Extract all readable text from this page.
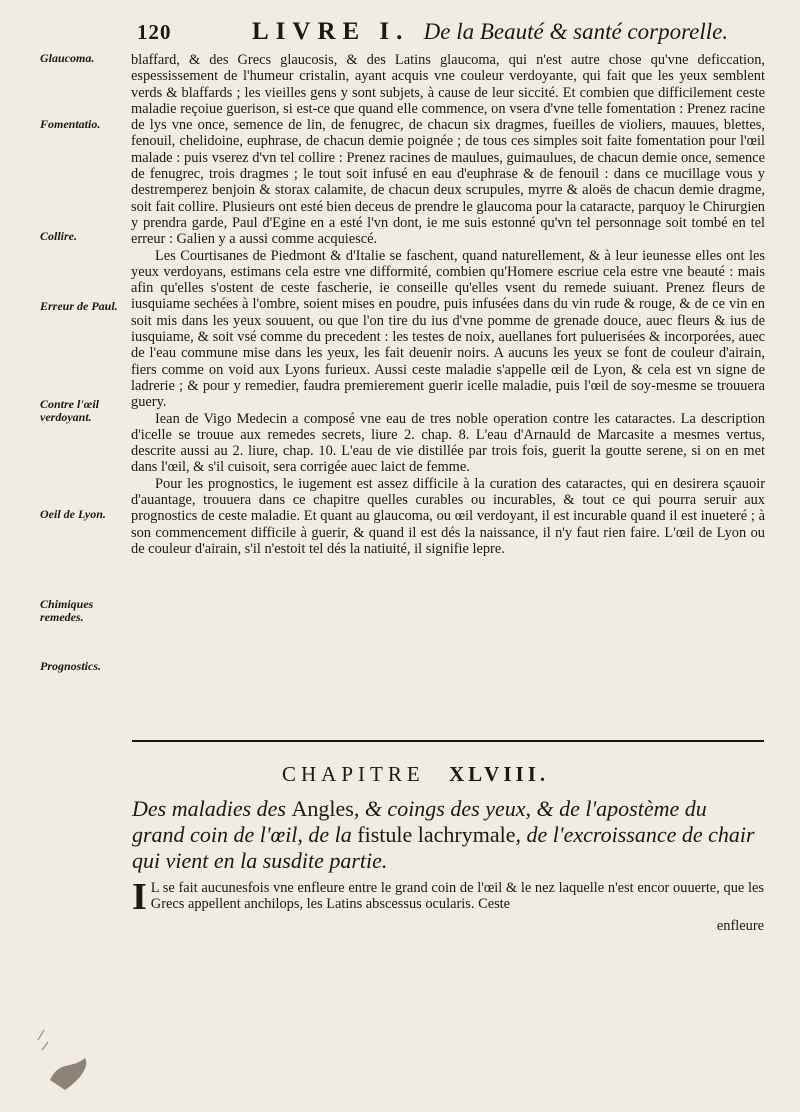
120	LIVRE I. De la Beauté & santé corporelle.
Glaucoma.
Fomentatio.
Collire.
Erreur de Paul.
Contre l'œil verdoyant.
Oeil de Lyon.
Chimiques remedes.
Prognostics.

blaffard, & des Grecs glaucosis, & des Latins glaucoma, qui n'est autre chose qu'vne deficcation, espessissement de l'humeur cristalin, ayant acquis vne couleur verdoyante, qui fait que les yeux semblent verds & blaffards ; les vieilles gens y sont subjets, à cause de leur siccité. Et combien que difficilement ceste maladie reçoiue guerison, si est-ce que quand elle commence, on vsera d'vne telle fomentation : Prenez racine de lys vne once, semence de lin, de fenugrec, de chacun six dragmes, fueilles de violiers, mauues, blettes, fenouil, chelidoine, euphrase, de chacun demie poignée ; de tous ces simples soit faite fomentation pour l'œil malade : puis vserez d'vn tel collire : Prenez racines de maulues, guimaulues, de chacun demie once, semence de fenugrec, trois dragmes ; le tout soit infusé en eau d'euphrase & de fenouil : dans ce mucillage vous y destremperez benjoin & storax calamite, de chacun deux scrupules, myrre & aloës de chacun demie dragme, soit fait collire. Plusieurs ont esté bien deceus de prendre le glaucoma pour la cataracte, parquoy le Chirurgien y prendra garde, Paul d'Egine en a esté l'vn dont, ie me suis estonné qu'vn tel personnage soit tombé en tel erreur : Galien y a aussi comme acquiescé.

Les Courtisanes de Piedmont & d'Italie se faschent, quand naturellement, & à leur ieunesse elles ont les yeux verdoyans, estimans cela estre vne difformité, combien qu'Homere escriue cela estre vne beauté : mais afin qu'elles s'ostent de ceste fascherie, ie conseille qu'elles vsent du remede suiuant. Prenez fleurs de iusquiame sechées à l'ombre, soient mises en poudre, puis infusées dans du vin rude & rouge, & de ce vin en soit mis dans les yeux souuent, ou que l'on tire du ius d'vne pomme de grenade douce, auec fleurs & ius de iusquiame, & soit vsé comme du precedent : les testes de noix, auellanes fort puluerisées & incorporées, auec de l'eau commune mise dans les yeux, les fait deuenir noirs. A aucuns les yeux se font de couleur d'airain, fiers comme on void aux Lyons furieux. Aussi ceste maladie s'appelle œil de Lyon, & cela est vn signe de ladrerie ; & pour y remedier, faudra premierement guerir icelle maladie, puis l'œil de soy-mesme se trouuera guery.

Iean de Vigo Medecin a composé vne eau de tres noble operation contre les cataractes. La description d'icelle se trouue aux remedes secrets, liure 2. chap. 8. L'eau d'Arnauld de Marcasite a mesmes vertus, descrite aussi au 2. liure, chap. 10. L'eau de vie distillée par trois fois, guerit la goutte serene, si on en met dans l'œil, & s'il cuisoit, sera corrigée auec laict de femme.

Pour les prognostics, le iugement est assez difficile à la curation des cataractes, qui en desirera sçauoir d'auantage, trouuera dans ce chapitre quelles curables ou incurables, & tout ce qui pourra seruir aux prognostics de ceste maladie. Et quant au glaucoma, ou œil verdoyant, il est incurable quand il est inueteré ; à son commencement difficile à guerir, & quand il est dés la naissance, il n'y faut rien faire. L'œil de Lyon ou de couleur d'airain, s'il n'estoit tel dés la natiuité, il signifie lepre.

CHAPITRE XLVIII.
Des maladies des Angles, & coings des yeux, & de l'apostème du grand coin de l'œil, de la fistule lachrymale, de l'excroissance de chair qui vient en la susdite partie.
I L se fait aucunesfois vne enfleure entre le grand coin de l'œil & le nez laquelle n'est encor ouuerte, que les Grecs appellent anchilops, les Latins abscessus ocularis. Ceste
enfleure
